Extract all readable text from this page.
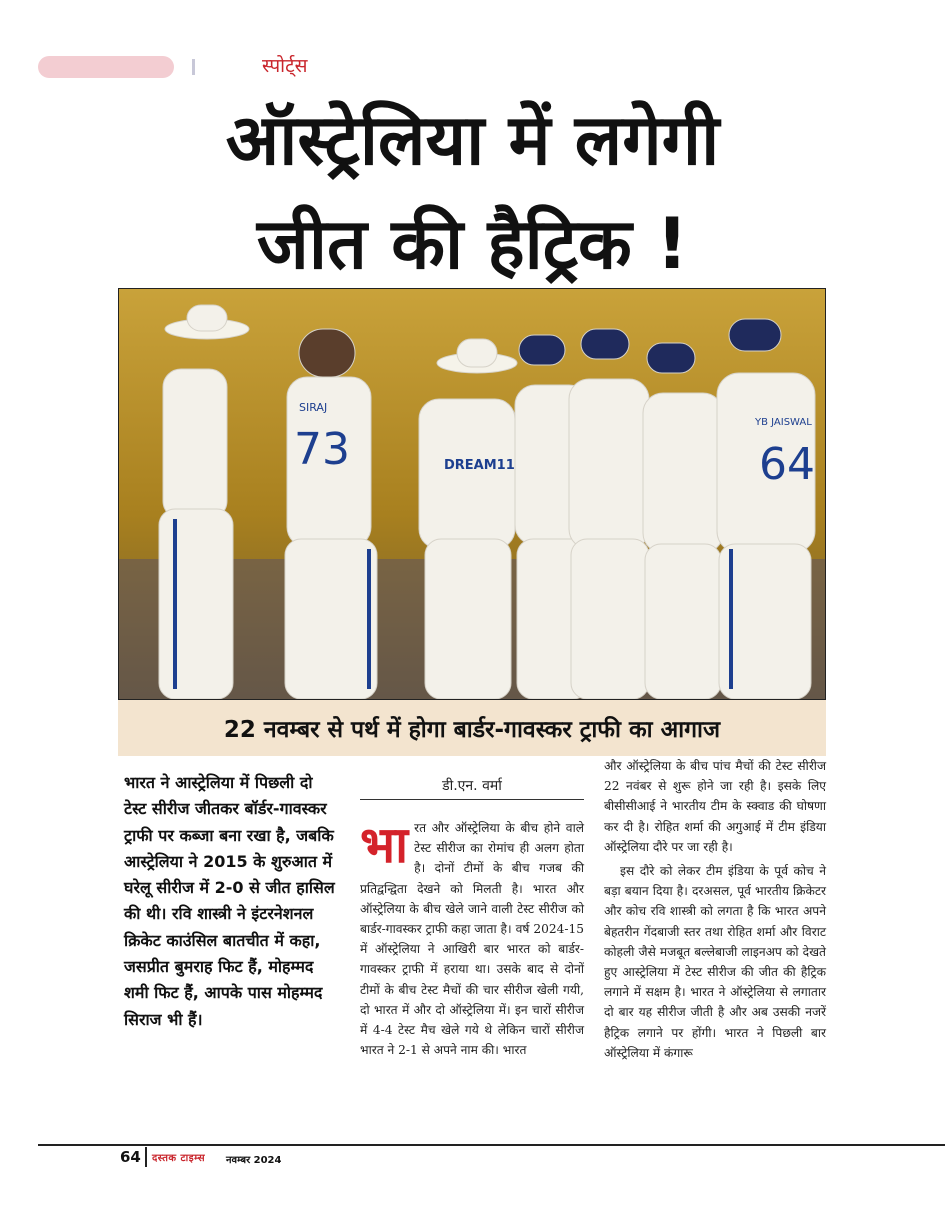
स्पोर्ट्स
ऑस्ट्रेलिया में लगेगी
जीत की हैट्रिक !
73
SIRAJ
64
YB JAISWAL
DREAM11
22 नवम्बर से पर्थ में होगा बार्डर-गावस्कर ट्राफी का आगाज
भारत ने आस्ट्रेलिया में पिछली दो टेस्ट सीरीज जीतकर बॉर्डर-गावस्कर ट्राफी पर कब्जा बना रखा है, जबकि आस्ट्रेलिया ने 2015 के शुरुआत में घरेलू सीरीज में 2-0 से जीत हासिल की थी। रवि शास्त्री ने इंटरनेशनल क्रिकेट काउंसिल बातचीत में कहा, जसप्रीत बुमराह फिट हैं, मोहम्मद शमी फिट हैं, आपके पास मोहम्मद सिराज भी हैं।
डी.एन. वर्मा
भा रत और ऑस्ट्रेलिया के बीच होने वाले टेस्ट सीरीज का रोमांच ही अलग होता है। दोनों टीमों के बीच गजब की प्रतिद्वन्द्विता देखने को मिलती है। भारत और ऑस्ट्रेलिया के बीच खेले जाने वाली टेस्ट सीरीज को बार्डर-गावस्कर ट्राफी कहा जाता है। वर्ष 2024-15 में ऑस्ट्रेलिया ने आखिरी बार भारत को बार्डर-गावस्कर ट्राफी में हराया था। उसके बाद से दोनों टीमों के बीच टेस्ट मैचों की चार सीरीज खेली गयी, दो भारत में और दो ऑस्ट्रेलिया में। इन चारों सीरीज में 4-4 टेस्ट मैच खेले गये थे लेकिन चारों सीरीज भारत ने 2-1 से अपने नाम की। भारत

और ऑस्ट्रेलिया के बीच पांच मैचों की टेस्ट सीरीज 22 नवंबर से शुरू होने जा रही है। इसके लिए बीसीसीआई ने भारतीय टीम के स्क्वाड की घोषणा कर दी है। रोहित शर्मा की अगुआई में टीम इंडिया ऑस्ट्रेलिया दौरे पर जा रही है।

इस दौरे को लेकर टीम इंडिया के पूर्व कोच ने बड़ा बयान दिया है। दरअसल, पूर्व भारतीय क्रिकेटर और कोच रवि शास्त्री को लगता है कि भारत अपने बेहतरीन गेंदबाजी स्तर तथा रोहित शर्मा और विराट कोहली जैसे मजबूत बल्लेबाजी लाइनअप को देखते हुए आस्ट्रेलिया में टेस्ट सीरीज की जीत की हैट्रिक लगाने में सक्षम है। भारत ने ऑस्ट्रेलिया से लगातार दो बार यह सीरीज जीती है और अब उसकी नजरें हैट्रिक लगाने पर होंगी। भारत ने पिछली बार ऑस्ट्रेलिया में कंगारू

64 दस्तक टाइम्स नवम्बर 2024
